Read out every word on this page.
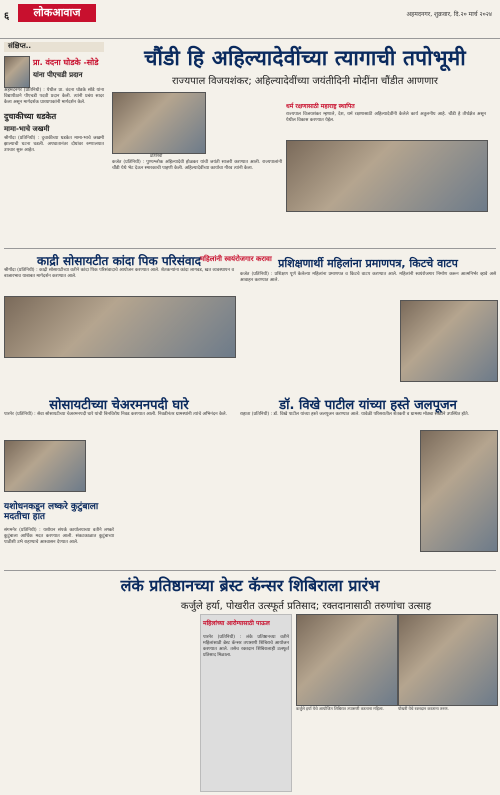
६	लोकआवाज	अहमदनगर, शुक्रवार, दि.२० मार्च २०२४
संक्षिप्त..
प्रा. वंदना घोडके -सोडे
यांना पीएचडी प्रदान
अहमदनगर (प्रतिनिधी) : येथील प्रा. वंदना घोडके सोडे यांना विद्यापीठाने पीएचडी पदवी प्रदान केली. त्यांनी प्रबंध सादर केला असून मार्गदर्शक प्राध्यापकांनी मार्गदर्शन केले.
दुचाकीच्या धडकेत
मामा-भाचे जखमी
श्रीगोंदा (प्रतिनिधी) : दुचाकीच्या धडकेत मामा-भाचे जखमी झाल्याची घटना घडली. अपघातानंतर दोघांवर रुग्णालयात उपचार सुरू आहेत.
चौंडी हि अहिल्यादेवींच्या त्यागाची तपोभूमी
राज्यपाल विजयशंकर; अहिल्यादेवींच्या जयंतीदिनी मोदींना चौंडीत आणणार
प्रतिनिधी
कर्जत (प्रतिनिधी) : पुण्यश्लोक अहिल्यादेवी होळकर यांची जयंती साजरी करण्यात आली. राज्यपालांनी चौंडी येथे भेट देऊन स्मारकाची पाहणी केली. अहिल्यादेवींच्या कार्याचा गौरव त्यांनी केला.
धर्म रक्षणासाठी महाराष्ट्र स्थापित
राज्यपाल विजयशंकर म्हणाले, देश, धर्म रक्षणासाठी अहिल्यादेवींनी केलेले कार्य अतुलनीय आहे. चौंडी हे तीर्थक्षेत्र असून येथील विकास करण्यात येईल.
काद्री सोसायटीत कांदा पिक परिसंवाद
श्रीगोंदा (प्रतिनिधी) : काद्री सोसायटीच्या वतीने कांदा पिक परिसंवादाचे आयोजन करण्यात आले. शेतकऱ्यांना कांदा लागवड, खत व्यवस्थापन व बाजारभाव याबाबत मार्गदर्शन करण्यात आले.
प्रशिक्षणार्थी महिलांना प्रमाणपत्र, किटचे वाटप
महिलांनी स्वयंरोजगार करावा
कर्जत (प्रतिनिधी) : प्रशिक्षण पूर्ण केलेल्या महिलांना प्रमाणपत्र व किटचे वाटप करण्यात आले. महिलांनी स्वयंरोजगार निर्माण करून आत्मनिर्भर व्हावे असे आवाहन करण्यात आले.
सोसायटीच्या चेअरमनपदी घारे
पारनेर (प्रतिनिधी) : सेवा सोसायटीच्या चेअरमनपदी घारे यांची बिनविरोध निवड करण्यात आली. निवडीनंतर ग्रामस्थांनी त्यांचे अभिनंदन केले.
डॉ. विखे पाटील यांच्या हस्ते जलपूजन
राहाता (प्रतिनिधी) : डॉ. विखे पाटील यांच्या हस्ते जलपूजन करण्यात आले. यावेळी परिसरातील शेतकरी व ग्रामस्थ मोठ्या संख्येने उपस्थित होते.
यशोधनकडून लष्करे कुटुंबाला मदतीचा हात
संगमनेर (प्रतिनिधी) : यशोधन संपर्क कार्यालयाच्या वतीने लष्करे कुटुंबाला आर्थिक मदत करण्यात आली. संकटकाळात कुटुंबाच्या पाठीशी उभे राहण्याचे आश्वासन देण्यात आले.
लंके प्रतिष्ठानच्या ब्रेस्ट कॅन्सर शिबिराला प्रारंभ
कर्जुले हर्या, पोखरीत उत्स्फूर्त प्रतिसाद; रक्तदानासाठी तरुणांचा उत्साह
महिलांच्या आरोग्यासाठी पाऊल
पारनेर (प्रतिनिधी) : लंके प्रतिष्ठानच्या वतीने महिलांसाठी ब्रेस्ट कॅन्सर तपासणी शिबिराचे आयोजन करण्यात आले. तसेच रक्तदान शिबिरालाही उत्स्फूर्त प्रतिसाद मिळाला.
कर्जुले हर्या येथे आयोजित शिबिरात तपासणी करताना महिला.	पोखरी येथे रक्तदान करताना तरुण.
